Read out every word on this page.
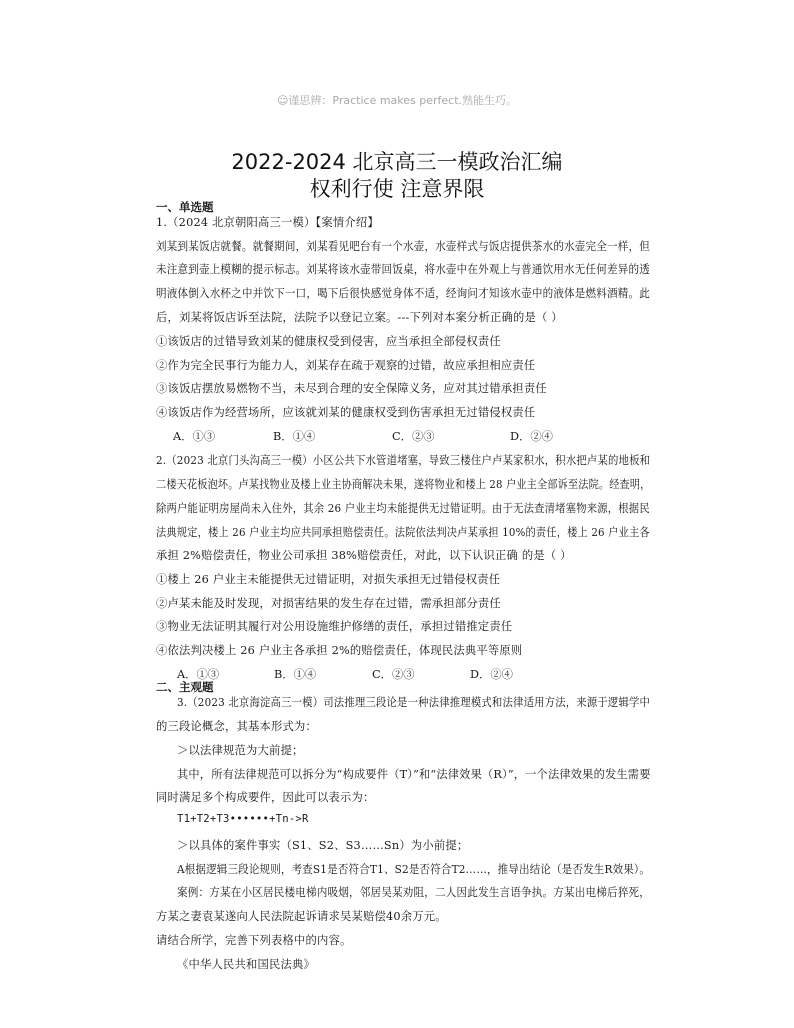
☺谨思辨：Practice makes perfect.熟能生巧。
2022-2024 北京高三一模政治汇编
权利行使 注意界限
一、单选题
1.（2024 北京朝阳高三一模）【案情介绍】
刘某到某饭店就餐。就餐期间，刘某看见吧台有一个水壶，水壶样式与饭店提供茶水的水壶完全一样，但
未注意到壶上模糊的提示标志。刘某将该水壶带回饭桌，将水壶中在外观上与普通饮用水无任何差异的透
明液体倒入水杯之中并饮下一口，喝下后很快感觉身体不适，经询问才知该水壶中的液体是燃料酒精。此
后，刘某将饭店诉至法院，法院予以登记立案。---下列对本案分析正确的是（ ）
①该饭店的过错导致刘某的健康权受到侵害，应当承担全部侵权责任
②作为完全民事行为能力人，刘某存在疏于观察的过错，故应承担相应责任
③该饭店摆放易燃物不当，未尽到合理的安全保障义务，应对其过错承担责任
④该饭店作为经营场所，应该就刘某的健康权受到伤害承担无过错侵权责任
A．①③	B．①④	C．②③	D．②④
2.（2023 北京门头沟高三一模）小区公共下水管道堵塞，导致三楼住户卢某家积水，积水把卢某的地板和
二楼天花板泡坏。卢某找物业及楼上业主协商解决未果，遂将物业和楼上 28 户业主全部诉至法院。经查明，
除两户能证明房屋尚未入住外，其余 26 户业主均未能提供无过错证明。由于无法查清堵塞物来源，根据民
法典规定，楼上 26 户业主均应共同承担赔偿责任。法院依法判决卢某承担 10%的责任，楼上 26 户业主各
承担 2%赔偿责任，物业公司承担 38%赔偿责任，对此，以下认识正确 的是（ ）
①楼上 26 户业主未能提供无过错证明，对损失承担无过错侵权责任
②卢某未能及时发现，对损害结果的发生存在过错，需承担部分责任
③物业无法证明其履行对公用设施维护修缮的责任，承担过错推定责任
④依法判决楼上 26 户业主各承担 2%的赔偿责任，体现民法典平等原则
A．①③	B．①④	C．②③	D．②④
二、主观题
3.（2023 北京海淀高三一模）司法推理三段论是一种法律推理模式和法律适用方法，来源于逻辑学中
的三段论概念，其基本形式为：
＞以法律规范为大前提；
其中，所有法律规范可以拆分为“构成要件（T）”和“法律效果（R）”，一个法律效果的发生需要
同时满足多个构成要件，因此可以表示为：
T1+T2+T3••••••+Tn->R
＞以具体的案件事实（S1、S2、S3……Sn）为小前提；
A根据逻辑三段论规则，考查S1是否符合T1、S2是否符合T2……，推导出结论（是否发生R效果）。
案例：方某在小区居民楼电梯内吸烟，邻居吴某劝阻，二人因此发生言语争执。方某出电梯后猝死，
方某之妻袁某遂向人民法院起诉请求吴某赔偿40余万元。
请结合所学，完善下列表格中的内容。
《中华人民共和国民法典》
